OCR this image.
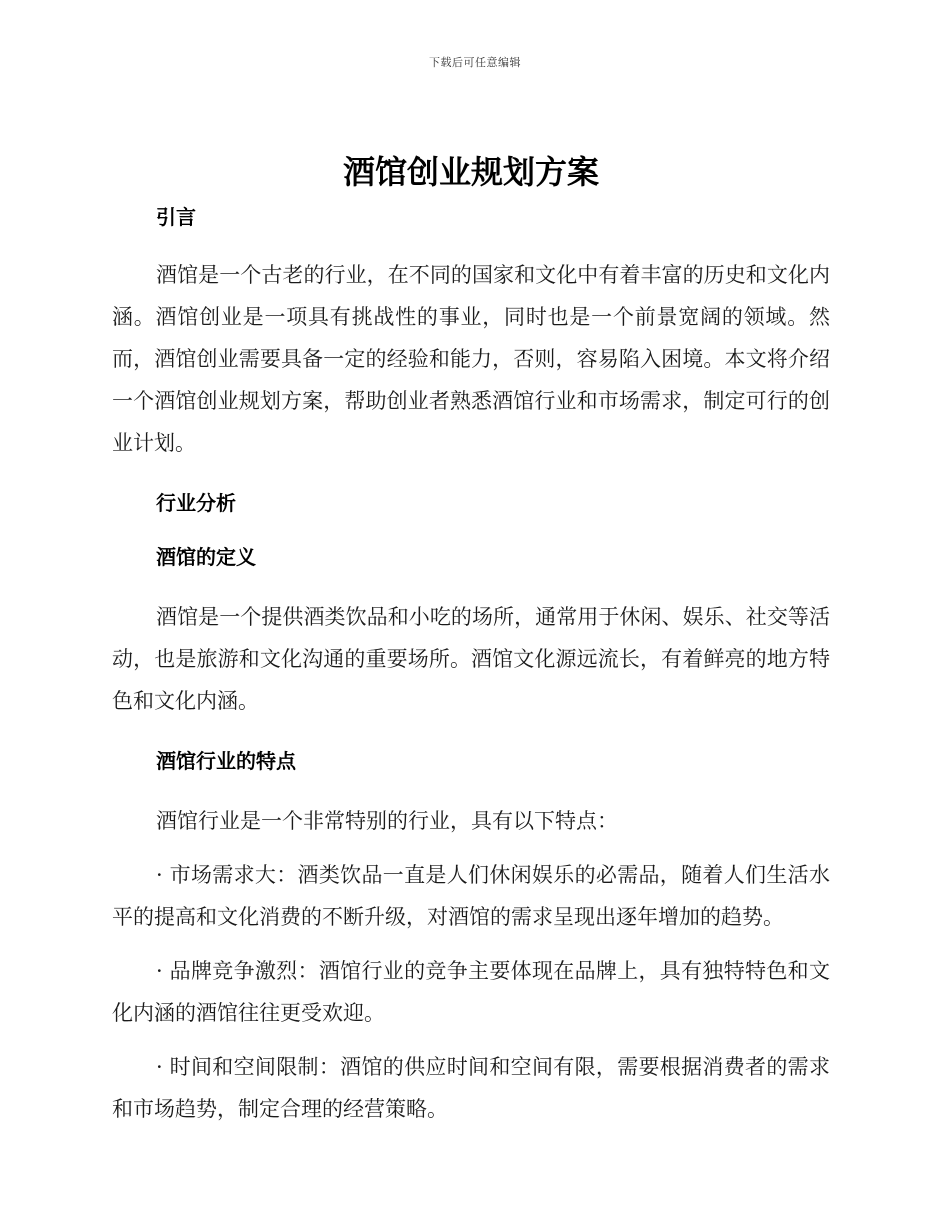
下载后可任意编辑
酒馆创业规划方案
引言

酒馆是一个古老的行业，在不同的国家和文化中有着丰富的历史和文化内涵。酒馆创业是一项具有挑战性的事业，同时也是一个前景宽阔的领域。然而，酒馆创业需要具备一定的经验和能力，否则，容易陷入困境。本文将介绍一个酒馆创业规划方案，帮助创业者熟悉酒馆行业和市场需求，制定可行的创业计划。

行业分析
酒馆的定义

酒馆是一个提供酒类饮品和小吃的场所，通常用于休闲、娱乐、社交等活动，也是旅游和文化沟通的重要场所。酒馆文化源远流长，有着鲜亮的地方特色和文化内涵。

酒馆行业的特点

酒馆行业是一个非常特别的行业，具有以下特点：

· 市场需求大：酒类饮品一直是人们休闲娱乐的必需品，随着人们生活水平的提高和文化消费的不断升级，对酒馆的需求呈现出逐年增加的趋势。

· 品牌竞争激烈：酒馆行业的竞争主要体现在品牌上，具有独特特色和文化内涵的酒馆往往更受欢迎。

· 时间和空间限制：酒馆的供应时间和空间有限，需要根据消费者的需求和市场趋势，制定合理的经营策略。
